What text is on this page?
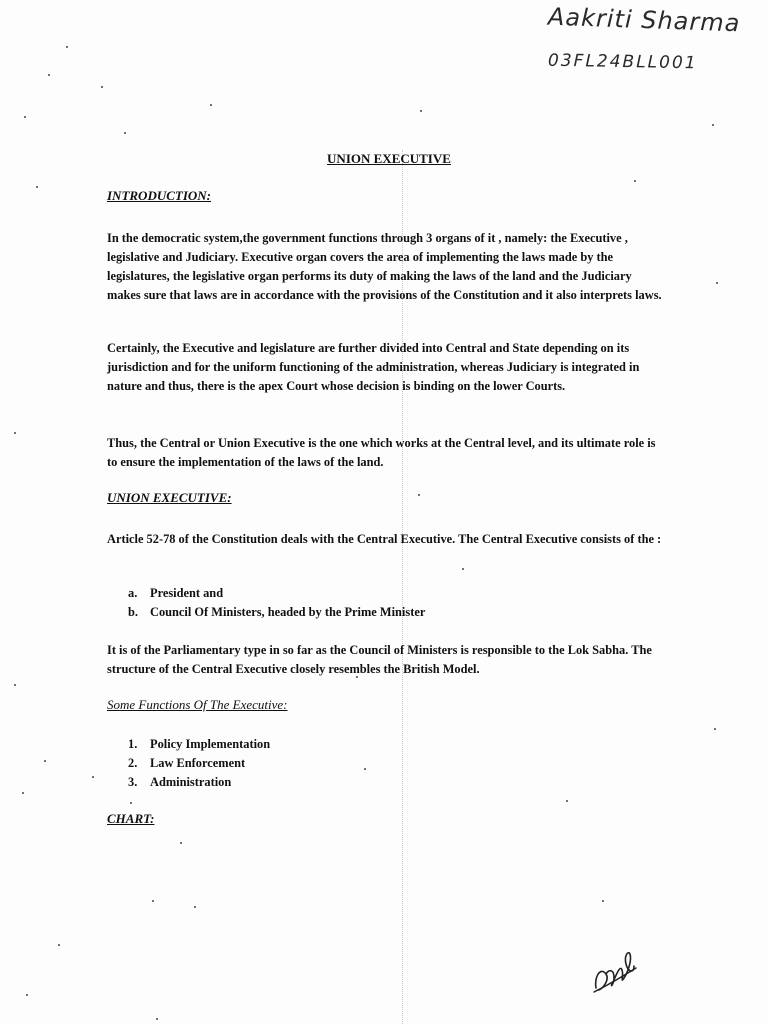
Aakriti Sharma
03FL24BLL001
UNION EXECUTIVE
INTRODUCTION:
In the democratic system,the government functions through 3 organs of it , namely: the Executive , legislative and Judiciary. Executive organ covers the area of implementing the laws made by the legislatures, the legislative organ performs its duty of making the laws of the land and the Judiciary makes sure that laws are in accordance with the provisions of the Constitution and it also interprets laws.
Certainly, the Executive and legislature are further divided into Central and State depending on its jurisdiction and for the uniform functioning of the administration, whereas Judiciary is integrated in nature and thus, there is the apex Court whose decision is binding on the lower Courts.
Thus, the Central or Union Executive is the one which works at the Central level, and its ultimate role is to ensure the implementation of the laws of the land.
UNION EXECUTIVE:
Article 52-78 of the Constitution deals with the Central Executive. The Central Executive consists of the :
a.	President and
b. Council Of Ministers, headed by the Prime Minister
It is of the Parliamentary type in so far as the Council of Ministers is responsible to the Lok Sabha. The structure of the Central Executive closely resembles the British Model.
Some Functions Of The Executive:
1.	Policy Implementation
2.	Law Enforcement
3.	Administration
CHART:
